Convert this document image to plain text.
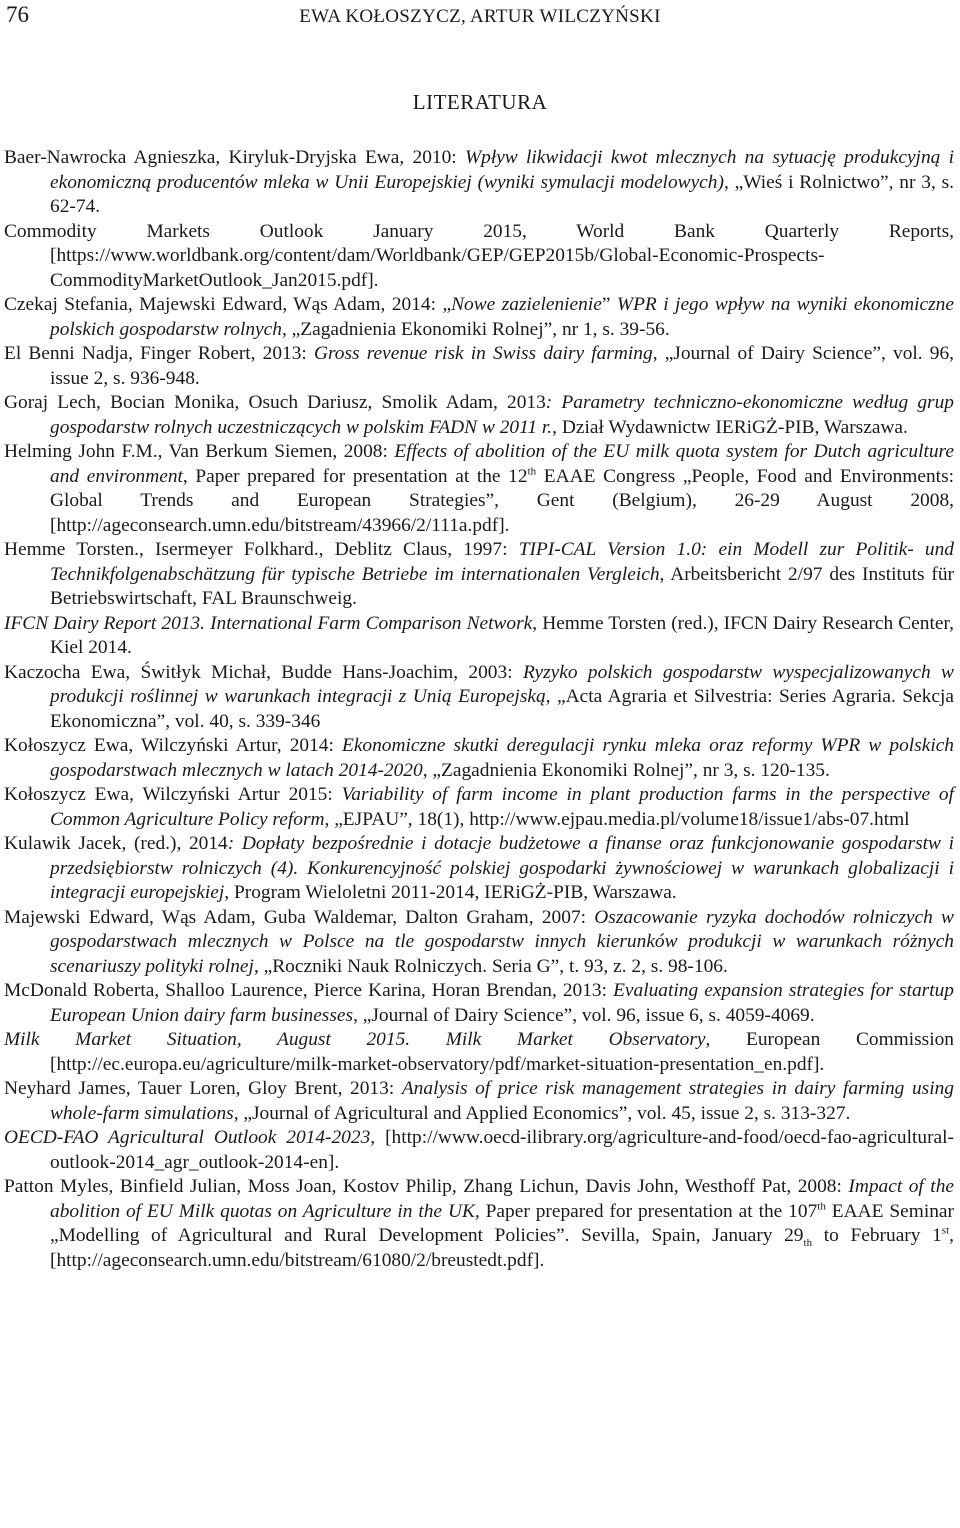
76	EWA KOŁOSZYCZ, ARTUR WILCZYŃSKI
LITERATURA

Baer-Nawrocka Agnieszka, Kiryluk-Dryjska Ewa, 2010: Wpływ likwidacji kwot mlecznych na sytuację produkcyjną i ekonomiczną producentów mleka w Unii Europejskiej (wyniki symulacji modelowych), „Wieś i Rolnictwo”, nr 3, s. 62-74.

Commodity Markets Outlook January 2015, World Bank Quarterly Reports, [https://www.worldbank.org/content/dam/Worldbank/GEP/GEP2015b/Global-Economic-Prospects-CommodityMarketOutlook_Jan2015.pdf].

Czekaj Stefania, Majewski Edward, Wąs Adam, 2014: „Nowe zazielenienie” WPR i jego wpływ na wyniki ekonomiczne polskich gospodarstw rolnych, „Zagadnienia Ekonomiki Rolnej”, nr 1, s. 39-56.

El Benni Nadja, Finger Robert, 2013: Gross revenue risk in Swiss dairy farming, „Journal of Dairy Science”, vol. 96, issue 2, s. 936-948.

Goraj Lech, Bocian Monika, Osuch Dariusz, Smolik Adam, 2013: Parametry techniczno-ekonomiczne według grup gospodarstw rolnych uczestniczących w polskim FADN w 2011 r., Dział Wydawnictw IERiGŻ-PIB, Warszawa.

Helming John F.M., Van Berkum Siemen, 2008: Effects of abolition of the EU milk quota system for Dutch agriculture and environment, Paper prepared for presentation at the 12th EAAE Congress „People, Food and Environments: Global Trends and European Strategies”, Gent (Belgium), 26-29 August 2008, [http://ageconsearch.umn.edu/bitstream/43966/2/111a.pdf].

Hemme Torsten., Isermeyer Folkhard., Deblitz Claus, 1997: TIPI-CAL Version 1.0: ein Modell zur Politik- und Technikfolgenabschätzung für typische Betriebe im internationalen Vergleich, Arbeitsbericht 2/97 des Instituts für Betriebswirtschaft, FAL Braunschweig.

IFCN Dairy Report 2013. International Farm Comparison Network, Hemme Torsten (red.), IFCN Dairy Research Center, Kiel 2014.

Kaczocha Ewa, Świtłyk Michał, Budde Hans-Joachim, 2003: Ryzyko polskich gospodarstw wyspecjalizowanych w produkcji roślinnej w warunkach integracji z Unią Europejską, „Acta Agraria et Silvestria: Series Agraria. Sekcja Ekonomiczna”, vol. 40, s. 339-346

Kołoszycz Ewa, Wilczyński Artur, 2014: Ekonomiczne skutki deregulacji rynku mleka oraz reformy WPR w polskich gospodarstwach mlecznych w latach 2014-2020, „Zagadnienia Ekonomiki Rolnej”, nr 3, s. 120-135.

Kołoszycz Ewa, Wilczyński Artur 2015: Variability of farm income in plant production farms in the perspective of Common Agriculture Policy reform, „EJPAU”, 18(1), http://www.ejpau.media.pl/volume18/issue1/abs-07.html

Kulawik Jacek, (red.), 2014: Dopłaty bezpośrednie i dotacje budżetowe a finanse oraz funkcjonowanie gospodarstw i przedsiębiorstw rolniczych (4). Konkurencyjność polskiej gospodarki żywnościowej w warunkach globalizacji i integracji europejskiej, Program Wieloletni 2011-2014, IERiGŻ-PIB, Warszawa.

Majewski Edward, Wąs Adam, Guba Waldemar, Dalton Graham, 2007: Oszacowanie ryzyka dochodów rolniczych w gospodarstwach mlecznych w Polsce na tle gospodarstw innych kierunków produkcji w warunkach różnych scenariuszy polityki rolnej, „Roczniki Nauk Rolniczych. Seria G”, t. 93, z. 2, s. 98-106.

McDonald Roberta, Shalloo Laurence, Pierce Karina, Horan Brendan, 2013: Evaluating expansion strategies for startup European Union dairy farm businesses, „Journal of Dairy Science”, vol. 96, issue 6, s. 4059-4069.

Milk Market Situation, August 2015. Milk Market Observatory, European Commission [http://ec.europa.eu/agriculture/milk-market-observatory/pdf/market-situation-presentation_en.pdf].

Neyhard James, Tauer Loren, Gloy Brent, 2013: Analysis of price risk management strategies in dairy farming using whole-farm simulations, „Journal of Agricultural and Applied Economics”, vol. 45, issue 2, s. 313-327.

OECD-FAO Agricultural Outlook 2014-2023, [http://www.oecd-ilibrary.org/agriculture-and-food/oecd-fao-agricultural-outlook-2014_agr_outlook-2014-en].

Patton Myles, Binfield Julian, Moss Joan, Kostov Philip, Zhang Lichun, Davis John, Westhoff Pat, 2008: Impact of the abolition of EU Milk quotas on Agriculture in the UK, Paper prepared for presentation at the 107th EAAE Seminar „Modelling of Agricultural and Rural Development Policies”. Sevilla, Spain, January $29_{th}$ to February 1st, [http://ageconsearch.umn.edu/bitstream/61080/2/breustedt.pdf].
